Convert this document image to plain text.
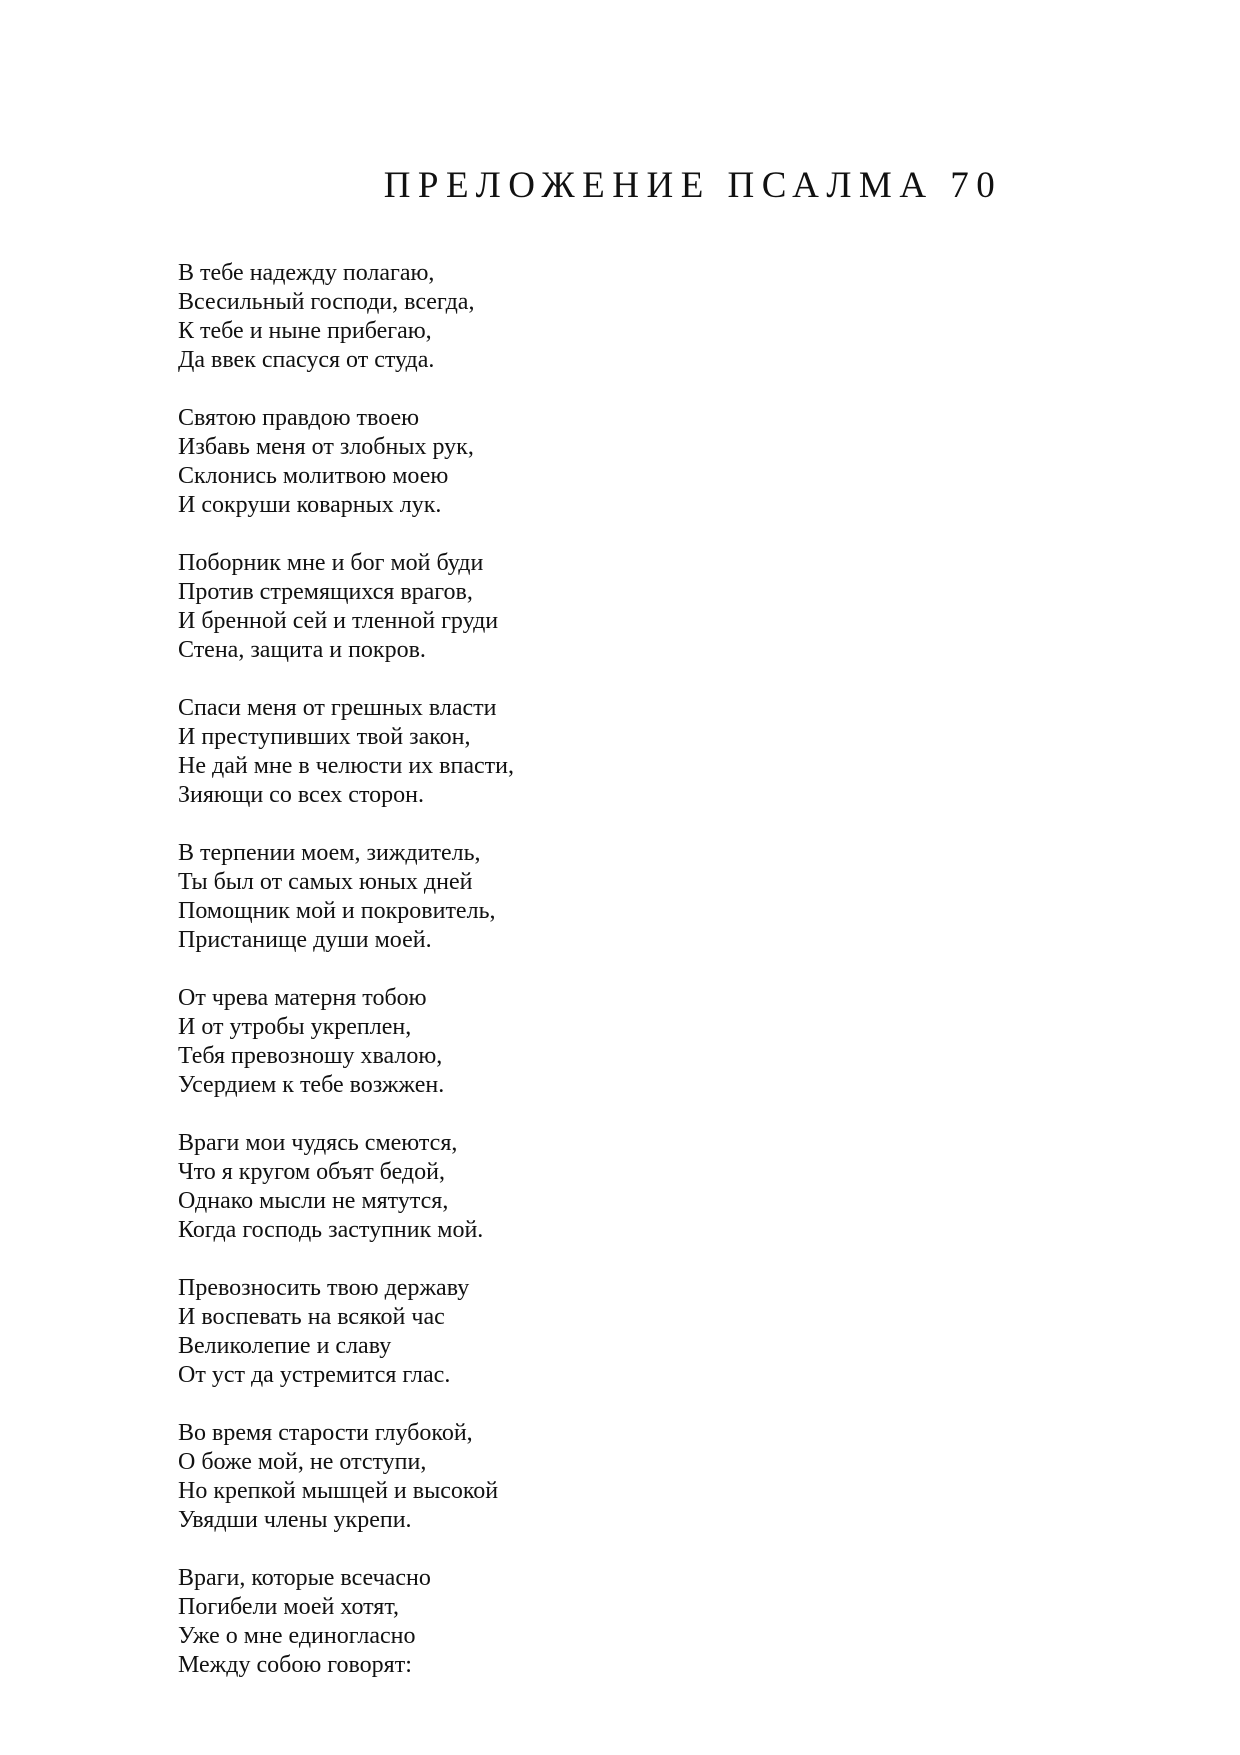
ПРЕЛОЖЕНИЕ ПСАЛМА 70
В тебе надежду полагаю,
Всесильный господи, всегда,
К тебе и ныне прибегаю,
Да ввек спасуся от студа.
Святою правдою твоею
Избавь меня от злобных рук,
Склонись молитвою моею
И сокруши коварных лук.
Поборник мне и бог мой буди
Против стремящихся врагов,
И бренной сей и тленной груди
Стена, защита и покров.
Спаси меня от грешных власти
И преступивших твой закон,
Не дай мне в челюсти их впасти,
Зияющи со всех сторон.
В терпении моем, зиждитель,
Ты был от самых юных дней
Помощник мой и покровитель,
Пристанище души моей.
От чрева матерня тобою
И от утробы укреплен,
Тебя превозношу хвалою,
Усердием к тебе возжжен.
Враги мои чудясь смеются,
Что я кругом объят бедой,
Однако мысли не мятутся,
Когда господь заступник мой.
Превозносить твою державу
И воспевать на всякой час
Великолепие и славу
От уст да устремится глас.
Во время старости глубокой,
О боже мой, не отступи,
Но крепкой мышцей и высокой
Увядши члены укрепи.
Враги, которые всечасно
Погибели моей хотят,
Уже о мне единогласно
Между собою говорят:
